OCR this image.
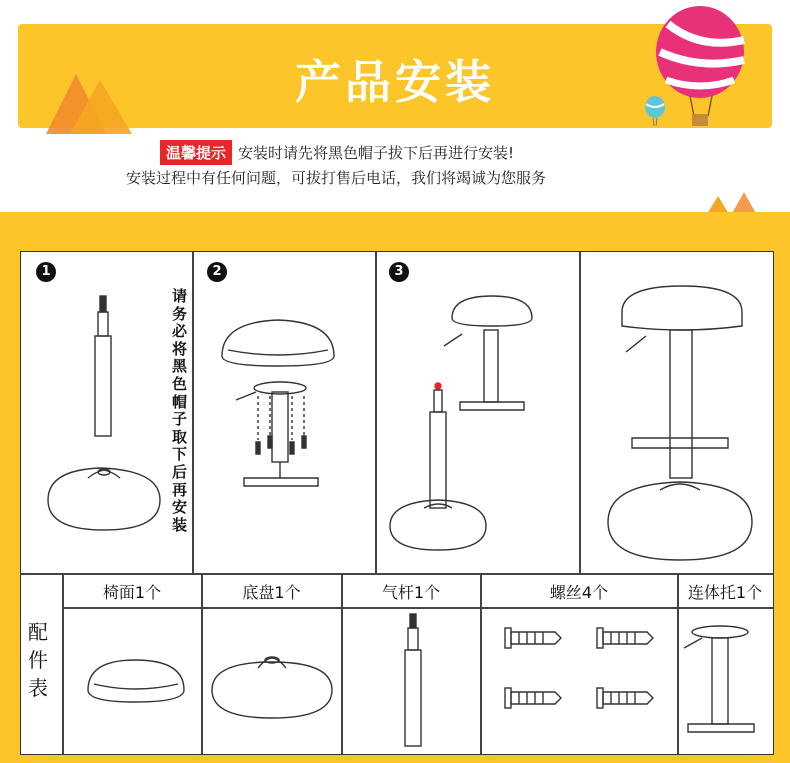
产品安装
温馨提示 安装时请先将黑色帽子拔下后再进行安装!
安装过程中有任何问题，可拔打售后电话，我们将竭诚为您服务
1	2	3
请务必将黑色帽子取下后再安装
配件表
椅面1个	底盘1个	气杆1个	螺丝4个	连体托1个
